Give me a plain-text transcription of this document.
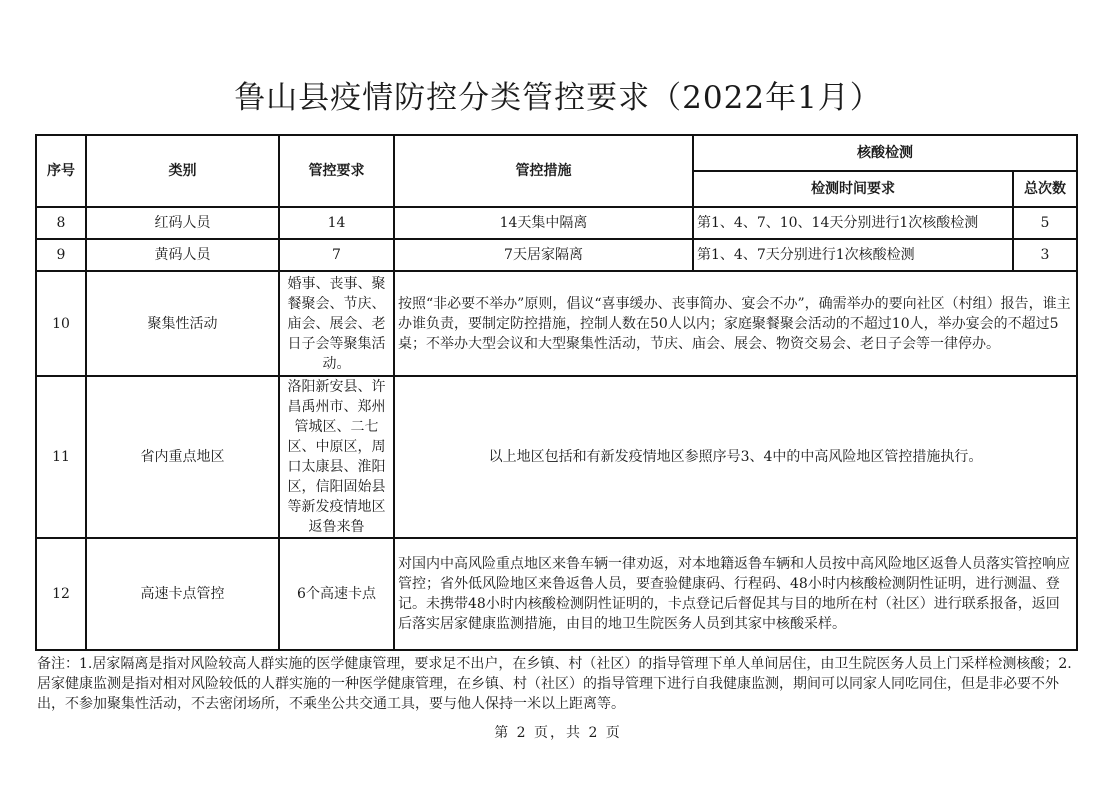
鲁山县疫情防控分类管控要求（2022年1月）
序号	类别	管控要求	管控措施	核酸检测	
				检测时间要求	总次数
8	红码人员	14	14天集中隔离	第1、4、7、10、14天分别进行1次核酸检测	5
9	黄码人员	7	7天居家隔离	第1、4、7天分别进行1次核酸检测	3
10	聚集性活动	婚事、丧事、聚餐聚会、节庆、庙会、展会、老日子会等聚集活动。	按照“非必要不举办”原则，倡议“喜事缓办、丧事简办、宴会不办”，确需举办的要向社区（村组）报告，谁主办谁负责，要制定防控措施，控制人数在50人以内；家庭聚餐聚会活动的不超过10人，举办宴会的不超过5桌；不举办大型会议和大型聚集性活动，节庆、庙会、展会、物资交易会、老日子会等一律停办。		
11	省内重点地区	洛阳新安县、许昌禹州市、郑州管城区、二七区、中原区，周口太康县、淮阳区，信阳固始县等新发疫情地区返鲁来鲁	以上地区包括和有新发疫情地区参照序号3、4中的中高风险地区管控措施执行。		
12	高速卡点管控	6个高速卡点	对国内中高风险重点地区来鲁车辆一律劝返，对本地籍返鲁车辆和人员按中高风险地区返鲁人员落实管控响应管控；省外低风险地区来鲁返鲁人员，要查验健康码、行程码、48小时内核酸检测阴性证明，进行测温、登记。未携带48小时内核酸检测阴性证明的，卡点登记后督促其与目的地所在村（社区）进行联系报备，返回后落实居家健康监测措施，由目的地卫生院医务人员到其家中核酸采样。		
备注：1.居家隔离是指对风险较高人群实施的医学健康管理，要求足不出户，在乡镇、村（社区）的指导管理下单人单间居住，由卫生院医务人员上门采样检测核酸；2.居家健康监测是指对相对风险较低的人群实施的一种医学健康管理，在乡镇、村（社区）的指导管理下进行自我健康监测，期间可以同家人同吃同住，但是非必要不外出，不参加聚集性活动，不去密闭场所，不乘坐公共交通工具，要与他人保持一米以上距离等。
第 2 页，共 2 页
